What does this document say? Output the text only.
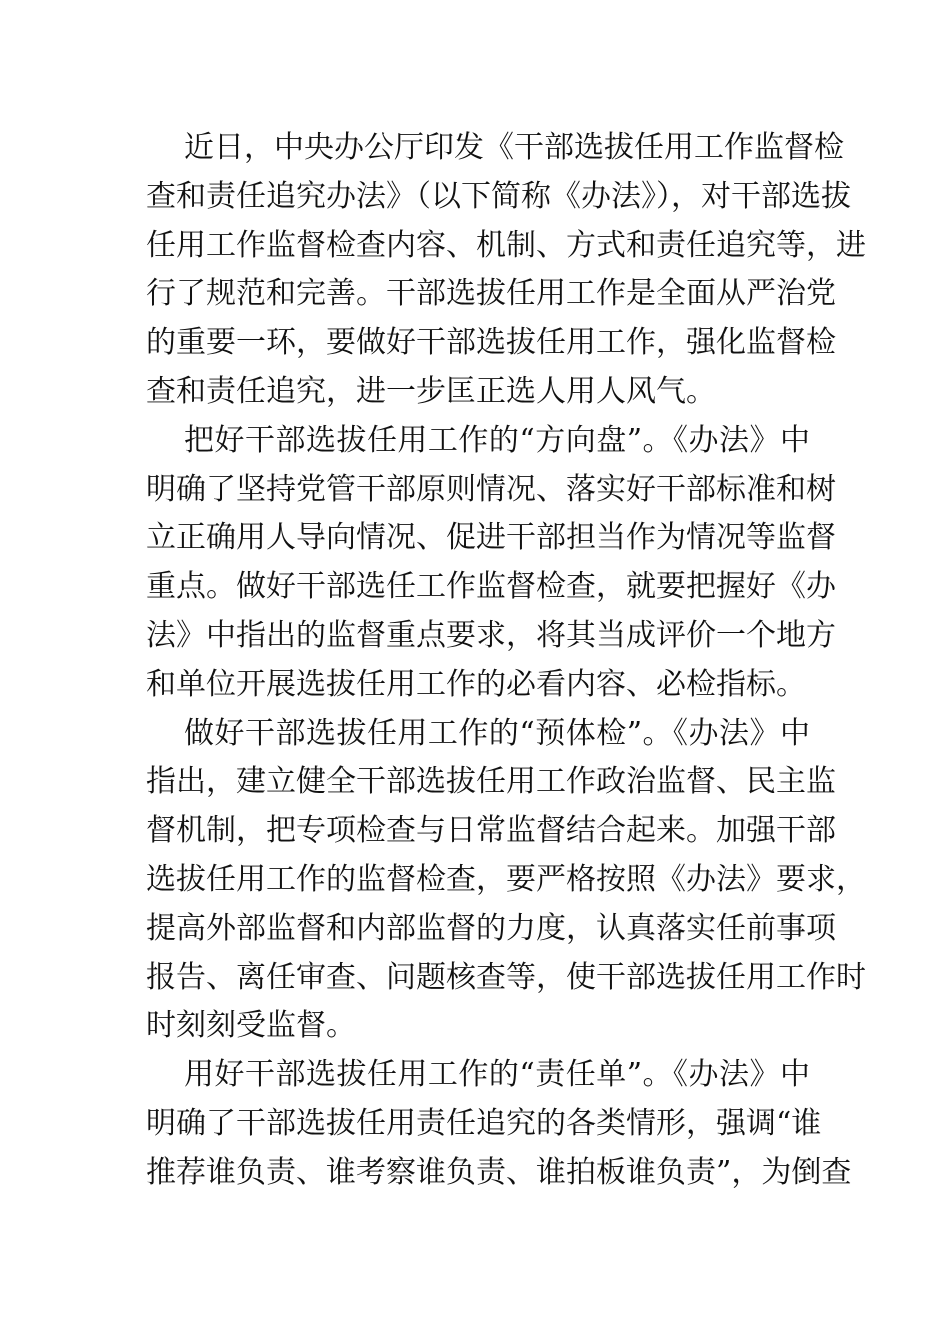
近日，中央办公厅印发《干部选拔任用工作监督检
查和责任追究办法》（以下简称《办法》），对干部选拔
任用工作监督检查内容、机制、方式和责任追究等，进
行了规范和完善。干部选拔任用工作是全面从严治党
的重要一环，要做好干部选拔任用工作，强化监督检
查和责任追究，进一步匡正选人用人风气。
把好干部选拔任用工作的“方向盘”。《办法》中
明确了坚持党管干部原则情况、落实好干部标准和树
立正确用人导向情况、促进干部担当作为情况等监督
重点。做好干部选任工作监督检查，就要把握好《办
法》中指出的监督重点要求，将其当成评价一个地方
和单位开展选拔任用工作的必看内容、必检指标。
做好干部选拔任用工作的“预体检”。《办法》中
指出，建立健全干部选拔任用工作政治监督、民主监
督机制，把专项检查与日常监督结合起来。加强干部
选拔任用工作的监督检查，要严格按照《办法》要求，
提高外部监督和内部监督的力度，认真落实任前事项
报告、离任审查、问题核查等，使干部选拔任用工作时
时刻刻受监督。
用好干部选拔任用工作的“责任单”。《办法》中
明确了干部选拔任用责任追究的各类情形，强调“谁
推荐谁负责、谁考察谁负责、谁拍板谁负责”，为倒查
